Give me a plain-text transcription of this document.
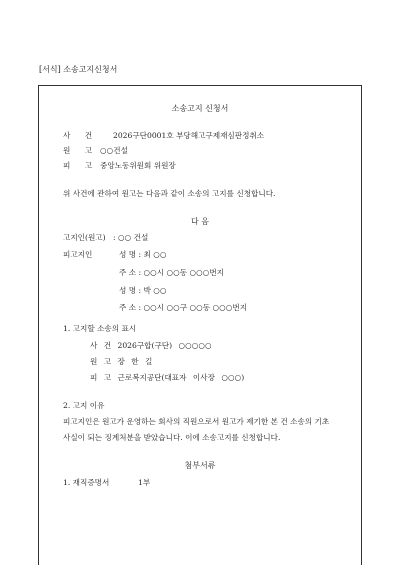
[서식] 소송고지신청서
소송고지 신청서
사 건 2026구단0001호 부당해고구제재심판정취소
원 고 ○○건설
피 고 중앙노동위원회 위원장
위 사건에 관하여 원고는 다음과 같이 소송의 고지를 신청합니다.
다 음
고지인(원고) : ○○ 건설
피고지인	성 명 : 최 ○○
주 소 : ○○시 ○○동 ○○○번지
성 명 : 박 ○○
주 소 : ○○시 ○○구 ○○동 ○○○번지
1. 고지할 소송의 표시
사 건 2026구합(구단) ○○○○○
원 고 장 한 길
피 고 근로복지공단(대표자 이사장 ○○○)
2. 고지 이유
피고지인은 원고가 운영하는 회사의 직원으로서 원고가 제기한 본 건 소송의 기초
사실이 되는 징계처분을 받았습니다. 이에 소송고지를 신청합니다.
첨부서류
1. 재직증명서	1부
